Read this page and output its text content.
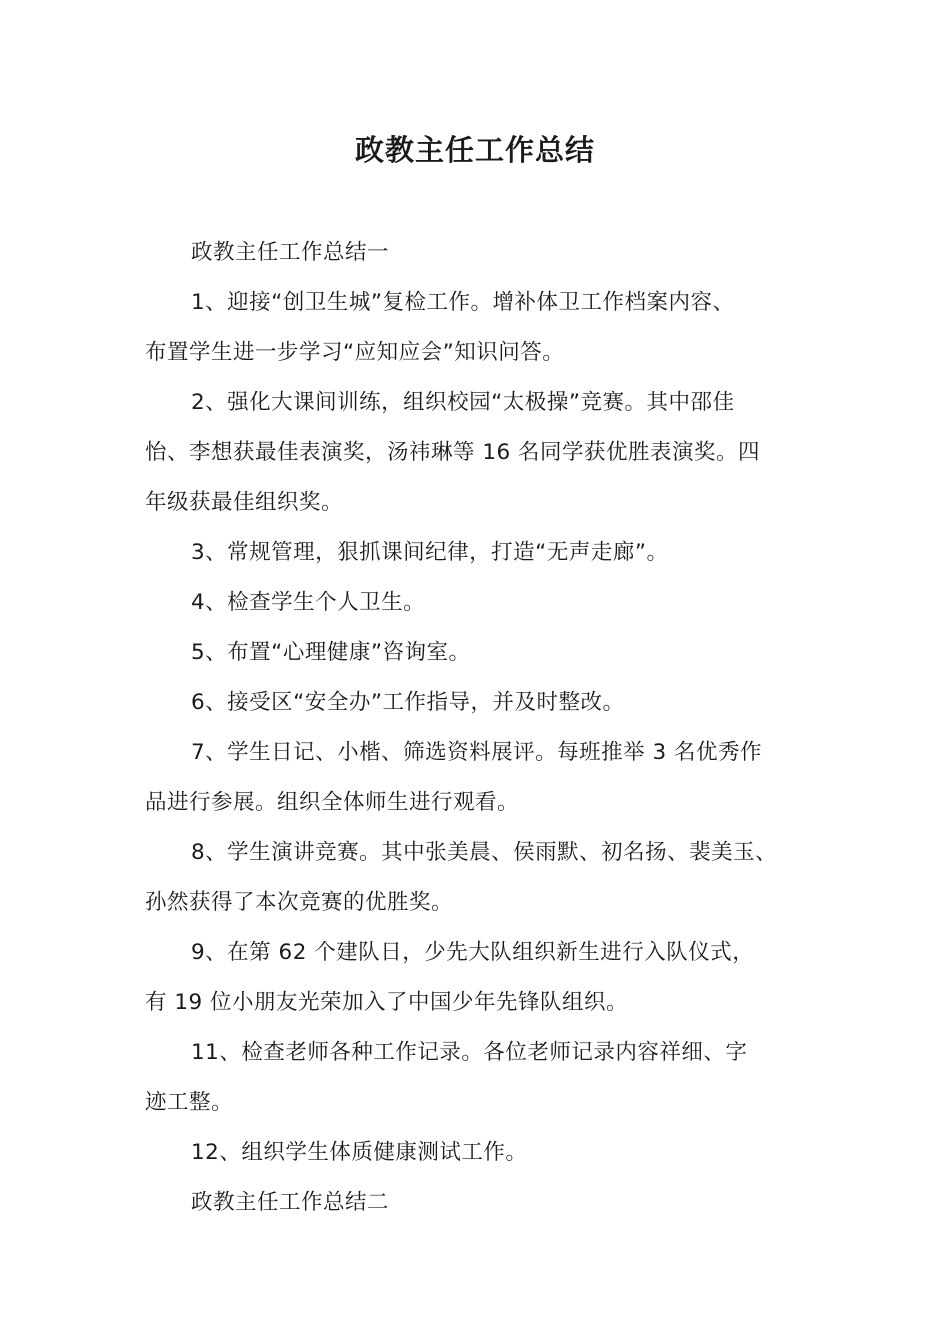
政教主任工作总结

政教主任工作总结一

1、迎接“创卫生城”复检工作。增补体卫工作档案内容、
布置学生进一步学习“应知应会”知识问答。

2、强化大课间训练，组织校园“太极操”竞赛。其中邵佳
怡、李想获最佳表演奖，汤祎琳等 16 名同学获优胜表演奖。四
年级获最佳组织奖。

3、常规管理，狠抓课间纪律，打造“无声走廊”。

4、检查学生个人卫生。

5、布置“心理健康”咨询室。

6、接受区“安全办”工作指导，并及时整改。

7、学生日记、小楷、筛选资料展评。每班推举 3 名优秀作
品进行参展。组织全体师生进行观看。

8、学生演讲竞赛。其中张美晨、侯雨默、初名扬、裴美玉、
孙然获得了本次竞赛的优胜奖。

9、在第 62 个建队日，少先大队组织新生进行入队仪式，
有 19 位小朋友光荣加入了中国少年先锋队组织。

11、检查老师各种工作记录。各位老师记录内容祥细、字
迹工整。

12、组织学生体质健康测试工作。

政教主任工作总结二
